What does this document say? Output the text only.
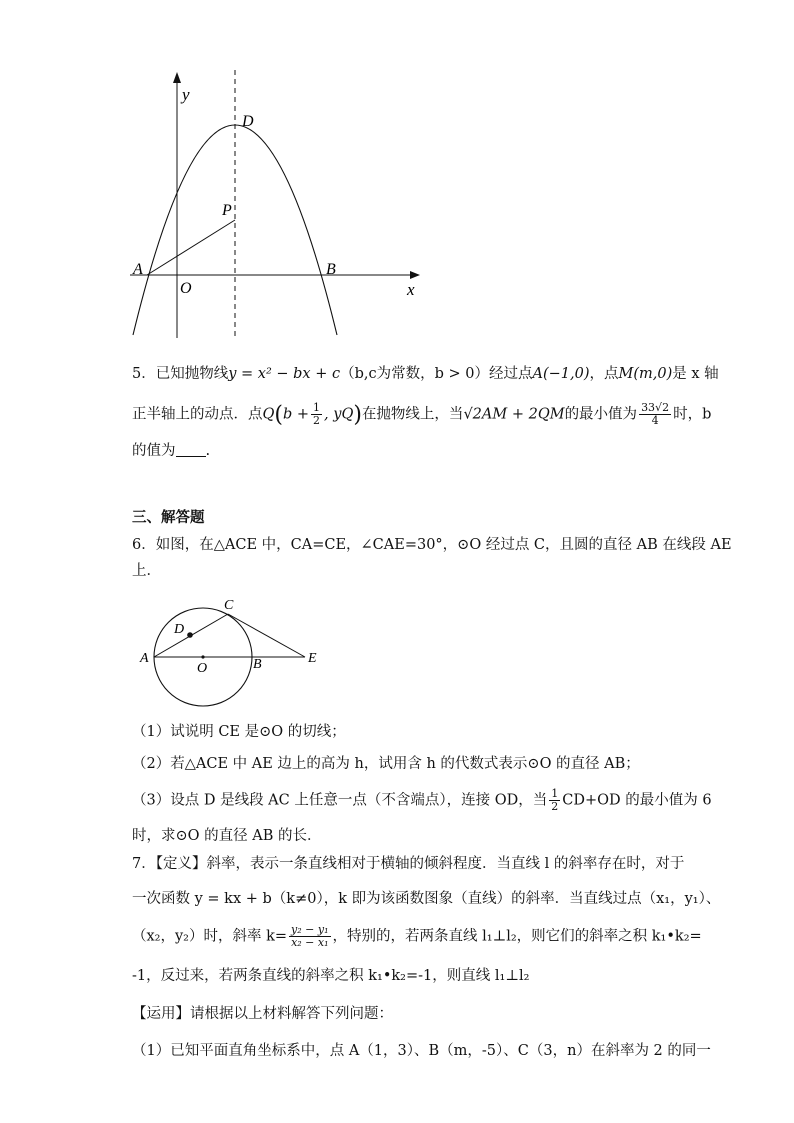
y
x
D
P
A
O
B
5．已知抛物线y = x² − bx + c（b,c为常数，b > 0）经过点A(−1,0)，点M(m,0)是 x 轴
正半轴上的动点．点$Q(b + \frac{1}{2}$ , yQ)在抛物线上，当√2AM + 2QM的最小值为 $\frac{33√2}{4}$ 时，b
的值为 .
三、解答题
6．如图，在△ACE 中，CA=CE，∠CAE=30°，⊙O 经过点 C，且圆的直径 AB 在线段 AE
上．
C
D
A
O	B	E
（1）试说明 CE 是⊙O 的切线；
（2）若△ACE 中 AE 边上的高为 h，试用含 h 的代数式表示⊙O 的直径 AB；
（3）设点 D 是线段 AC 上任意一点（不含端点），连接 OD，当 $\frac{1}{2} CD+OD$ 的最小值为 6
时，求⊙O 的直径 AB 的长．
7．【定义】斜率，表示一条直线相对于横轴的倾斜程度．当直线 l 的斜率存在时，对于
一次函数 y = kx + b（k≠0），k 即为该函数图象（直线）的斜率．当直线过点（x₁，y₁）、
（x₂，y₂）时，斜率 $k= \frac{\text{y₂ − y₁}}{\text{x₂ − x₁}}$ ，特别的，若两条直线 l₁⊥l₂，则它们的斜率之积 k₁•k₂=
-1，反过来，若两条直线的斜率之积 k₁•k₂=-1，则直线 l₁⊥l₂
【运用】请根据以上材料解答下列问题：
（1）已知平面直角坐标系中，点 A（1，3）、B（m，-5）、C（3，n）在斜率为 2 的同一
